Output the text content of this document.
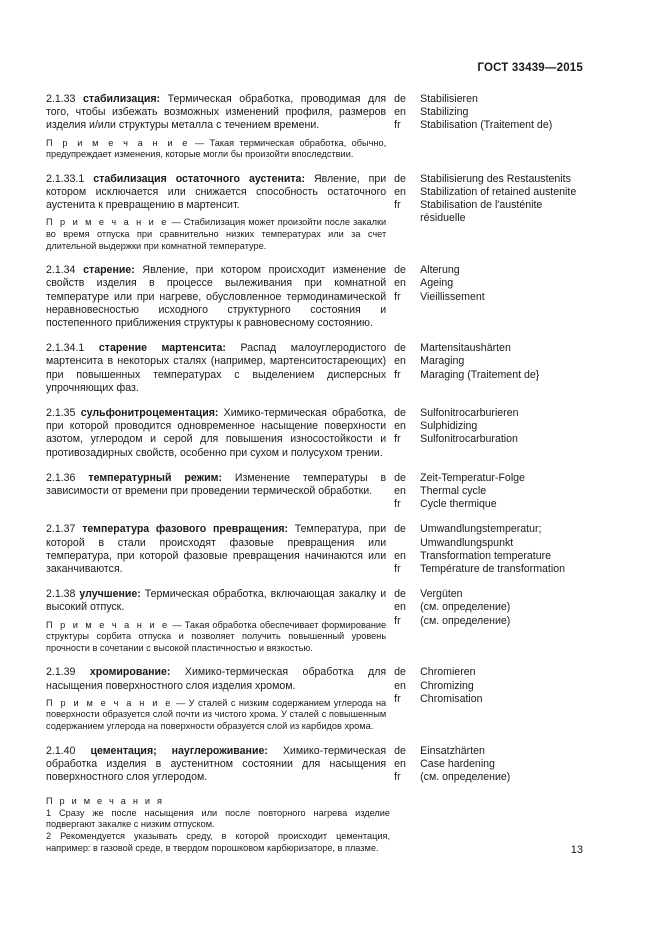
ГОСТ 33439—2015
2.1.33 стабилизация: Термическая обработка, проводимая для того, чтобы избежать возможных изменений профиля, размеров изделия и/или структуры металла с течением времени.
П р и м е ч а н и е — Такая термическая обработка, обычно, предупреждает изменения, которые могли бы произойти впоследствии.
de	Stabilisieren
en	Stabilizing
fr	Stabilisation (Traitement de)
2.1.33.1 стабилизация остаточного аустенита: Явление, при котором исключается или снижается способность остаточного аустенита к превращению в мартенсит.
П р и м е ч а н и е — Стабилизация может произойти после закалки во время отпуска при сравнительно низких температурах или за счет длительной выдержки при комнатной температуре.
de	Stabilisierung des Restaustenits
en	Stabilization of retained austenite
fr	Stabilisation de l'austénite résiduelle
2.1.34 старение: Явление, при котором происходит изменение свойств изделия в процессе вылеживания при комнатной температуре или при нагреве, обусловленное термодинамической неравновесностью исходного структурного состояния и постепенного приближения структуры к равновесному состоянию.
de	Alterung
en	Ageing
fr	Vieillissement
2.1.34.1 старение мартенсита: Распад малоуглеродистого мартенсита в некоторых сталях (например, мартенситостареющих) при повышенных температурах с выделением дисперсных упрочняющих фаз.
de	Martensitaushärten
en	Maraging
fr	Maraging (Traitement de}
2.1.35 сульфонитроцементация: Химико-термическая обработка, при которой проводится одновременное насыщение поверхности азотом, углеродом и серой для повышения износостойкости и противозадирных свойств, особенно при сухом и полусухом трении.
de	Sulfonitrocarburieren
en	Sulphidizing
fr	Sulfonitrocarburation
2.1.36 температурный режим: Изменение температуры в зависимости от времени при проведении термической обработки.
de	Zeit-Temperatur-Folge
en	Thermal cycle
fr	Cycle thermique
2.1.37 температура фазового превращения: Температура, при которой в стали происходят фазовые превращения или температура, при которой фазовые превращения начинаются или заканчиваются.
de	Umwandlungstemperatur; Umwandlungspunkt
en	Transformation temperature
fr	Température de transformation
2.1.38 улучшение: Термическая обработка, включающая закалку и высокий отпуск.
П р и м е ч а н и е — Такая обработка обеспечивает формирование структуры сорбита отпуска и позволяет получить повышенный уровень прочности в сочетании с высокой пластичностью и вязкостью.
de	Vergüten
en	(см. определение)
fr	(см. определение)
2.1.39 хромирование: Химико-термическая обработка для насыщения поверхностного слоя изделия хромом.
П р и м е ч а н и е — У сталей с низким содержанием углерода на поверхности образуется слой почти из чистого хрома. У сталей с повышенным содержанием углерода на поверхности образуется слой из карбидов хрома.
de	Chromieren
en	Chromizing
fr	Chromisation
2.1.40 цементация; науглероживание: Химико-термическая обработка изделия в аустенитном состоянии для насыщения поверхностного слоя углеродом.
de	Einsatzhärten
en	Case hardening
fr	(см. определение)
П р и м е ч а н и я
1 Сразу же после насыщения или после повторного нагрева изделие подвергают закалке с низким отпуском.
2 Рекомендуется указывать среду, в которой происходит цементация, например: в газовой среде, в твердом порошковом карбюризаторе, в плазме.	13
